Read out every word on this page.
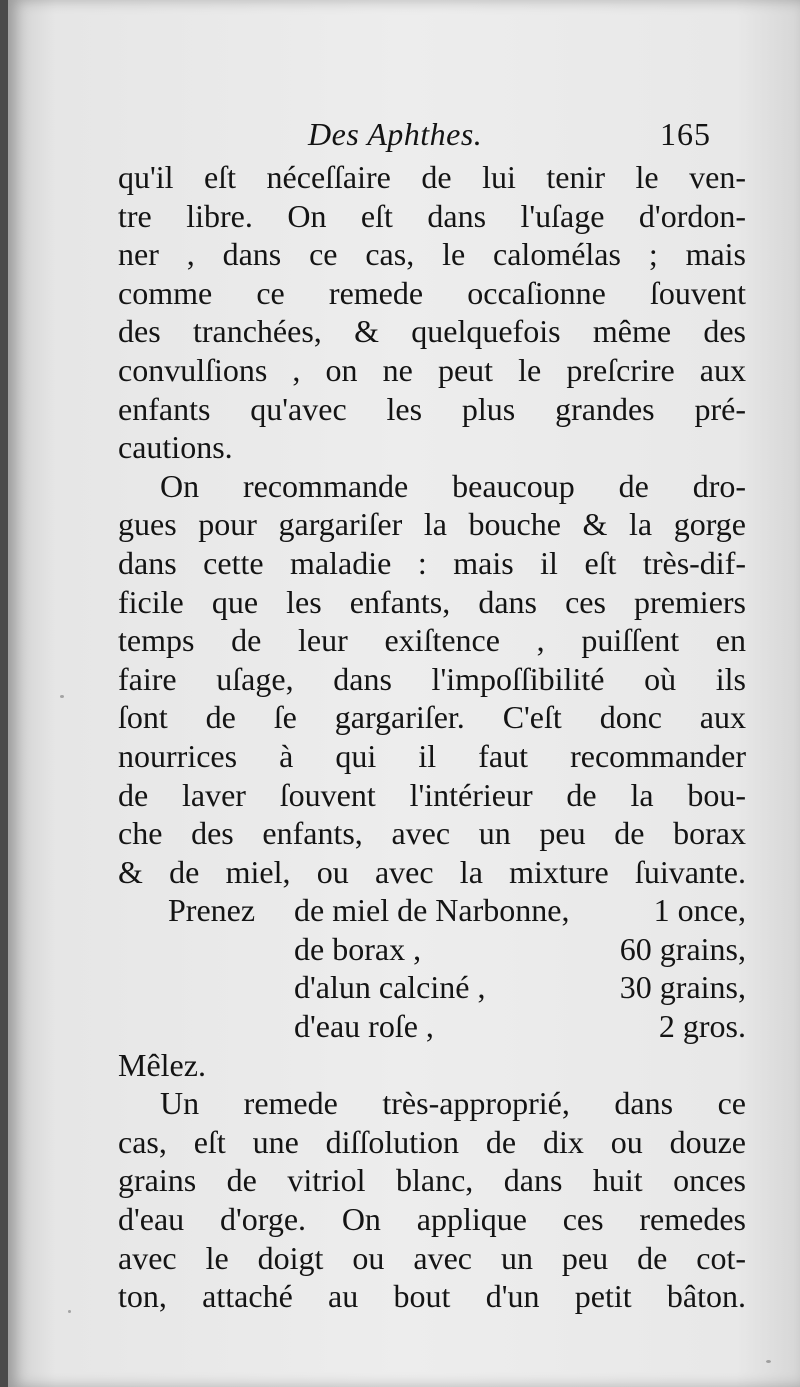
Des Aphthes.	165
qu'il eſt néceſſaire de lui tenir le ven-
tre libre. On eſt dans l'uſage d'ordon-
ner , dans ce cas, le calomélas ; mais
comme ce remede occaſionne ſouvent
des tranchées, & quelquefois même des
convulſions , on ne peut le preſcrire aux
enfants qu'avec les plus grandes pré-
cautions.
On recommande beaucoup de dro-
gues pour gargariſer la bouche & la gorge
dans cette maladie : mais il eſt très-dif-
ficile que les enfants, dans ces premiers
temps de leur exiſtence , puiſſent en
faire uſage, dans l'impoſſibilité où ils
ſont de ſe gargariſer. C'eſt donc aux
nourrices à qui il faut recommander
de laver ſouvent l'intérieur de la bou-
che des enfants, avec un peu de borax
& de miel, ou avec la mixture ſuivante.
Prenez de miel de Narbonne,	1 once,
de borax ,	60 grains,
d'alun calciné ,	30 grains,
d'eau roſe ,	2 gros.
Mêlez.
Un remede très-approprié, dans ce
cas, eſt une diſſolution de dix ou douze
grains de vitriol blanc, dans huit onces
d'eau d'orge. On applique ces remedes
avec le doigt ou avec un peu de cot-
ton, attaché au bout d'un petit bâton.
